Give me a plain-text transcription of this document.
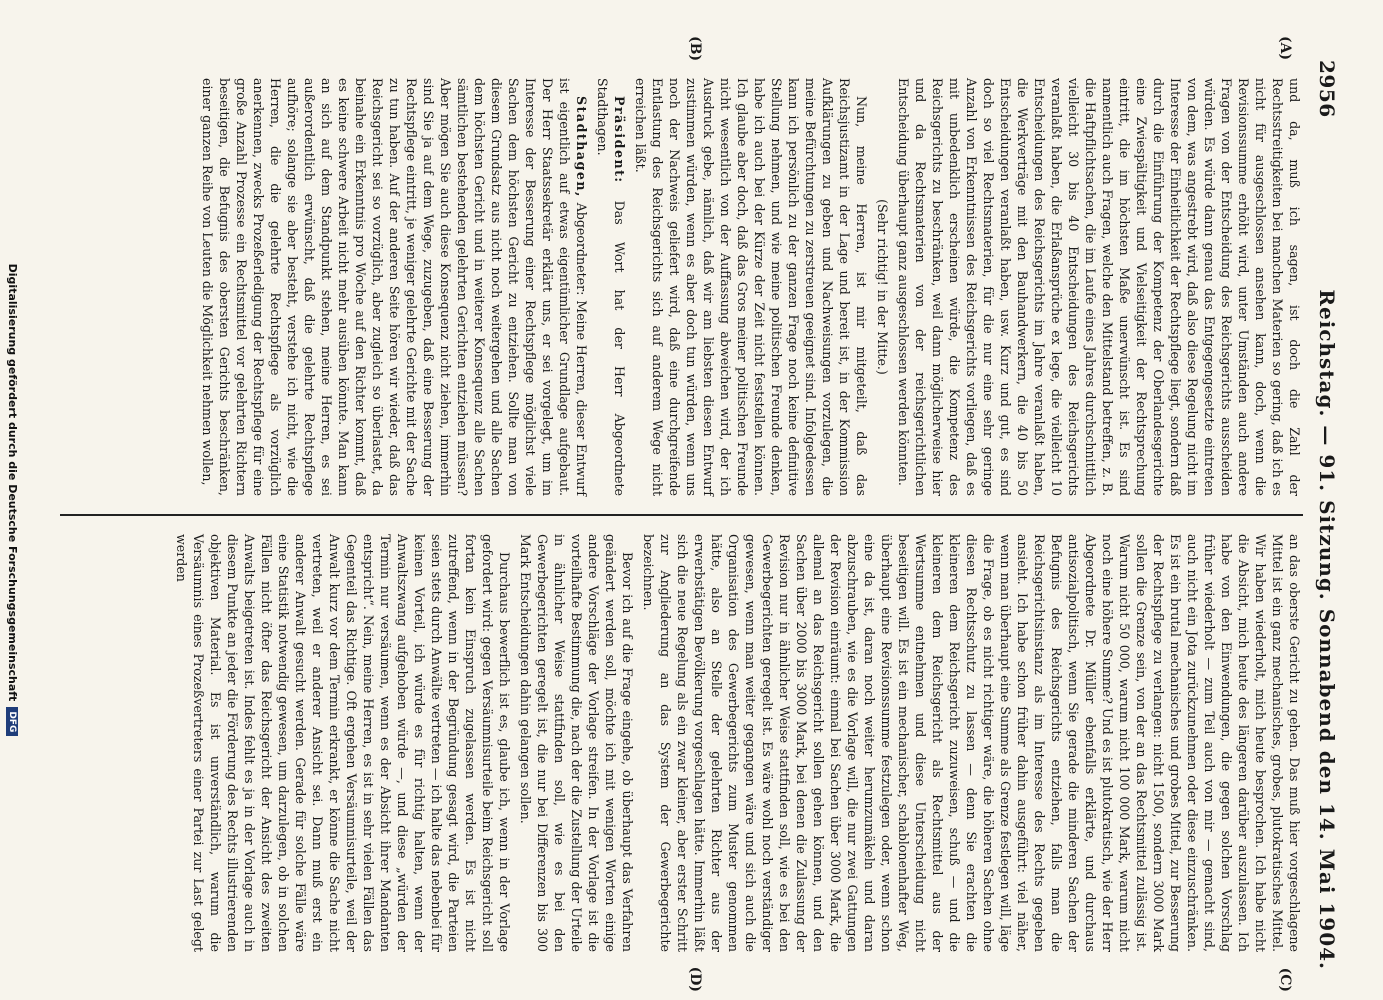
2956
Reichstag. — 91. Sitzung. Sonnabend den 14. Mai 1904.
(A)
(B)
(C)
(D)

und da, muß ich sagen, ist doch die Zahl der Rechtsstreitigkeiten bei manchen Materien so gering, daß ich es nicht für ausgeschlossen ansehen kann, doch, wenn die Revisionssumme erhöht wird, unter Umständen auch andere Fragen von der Entscheidung des Reichsgerichts ausscheiden würden. Es würde dann genau das Entgegengesetzte eintreten von dem, was angestrebt wird, daß also diese Regelung nicht im Interesse der Einheitlichkeit der Rechtspflege liegt, sondern daß durch die Einführung der Kompetenz der Oberlandesgerichte eine Zwiespältigkeit und Vielseitigkeit der Rechtsprechung eintritt, die im höchsten Maße unerwünscht ist. Es sind namentlich auch Fragen, welche den Mittelstand betreffen, z. B. die Haftpflichtsachen, die im Laufe eines Jahres durchschnittlich vielleicht 30 bis 40 Entscheidungen des Reichsgerichts veranlaßt haben, die Erlaßansprüche ex lege, die vielleicht 10 Entscheidungen des Reichsgerichts im Jahre veranlaßt haben, die Werkverträge mit den Bauhandwerkern, die 40 bis 50 Entscheidungen veranlaßt haben, usw. Kurz und gut, es sind doch so viel Rechtsmaterien, für die nur eine sehr geringe Anzahl von Erkenntnissen des Reichsgerichts vorliegen, daß es mit unbedenklich erscheinen würde, die Kompetenz des Reichsgerichts zu beschränken, weil dann möglicherweise hier und da Rechtsmaterien von der reichsgerichtlichen Entscheidung überhaupt ganz ausgeschlossen werden könnten.

(Sehr richtig! in der Mitte.)

Nun, meine Herren, ist mir mitgeteilt, daß das Reichsjustizamt in der Lage und bereit ist, in der Kommission Aufklärungen zu geben und Nachweisungen vorzulegen, die meine Befürchtungen zu zerstreuen geeignet sind. Infolgedessen kann ich persönlich zu der ganzen Frage noch keine definitive Stellung nehmen, und wie meine politischen Freunde denken, habe ich auch bei der Kürze der Zeit nicht feststellen können. Ich glaube aber doch, daß das Gros meiner politischen Freunde nicht wesentlich von der Auffassung abweichen wird, der ich Ausdruck gebe, nämlich, daß wir am liebsten diesen Entwurf zustimmen würden, wenn es aber doch tun würden, wenn uns noch der Nachweis geliefert wird, daß eine durchgreifende Entlastung des Reichsgerichts sich auf anderem Wege nicht erreichen läßt.

Präsident: Das Wort hat der Herr Abgeordnete Stadthagen.

Stadthagen, Abgeordneter: Meine Herren, dieser Entwurf ist eigentlich auf etwas eigentümlicher Grundlage aufgebaut. Der Herr Staatssekretär erklärt uns, er sei vorgelegt, um im Interesse der Besserung einer Rechtspflege möglichst viele Sachen dem höchsten Gericht zu entziehen. Sollte man von diesem Grundsatz aus nicht noch weitergehen und alle Sachen dem höchsten Gericht und in weiterer Konsequenz alle Sachen sämtlichen bestehenden gelehrten Gerichten entziehen müssen? Aber mögen Sie auch diese Konsequenz nicht ziehen, immerhin sind Sie ja auf dem Wege, zuzugeben, daß eine Besserung der Rechtspflege eintritt, je weniger gelehrte Gerichte mit der Sache zu tun haben. Auf der anderen Seite hören wir wieder, daß das Reichsgericht sei so vorzüglich, aber zugleich so überlastet, da beinahe ein Erkenntnis pro Woche auf den Richter kommt, daß es keine schwere Arbeit nicht mehr ausüben könnte. Man kann an sich auf dem Standpunkt stehen, meine Herren, es sei außerordentlich erwünscht, daß die gelehrte Rechtspflege aufhöre; solange sie aber besteht, verstehe ich nicht, wie die Herren, die die gelehrte Rechtspflege als vorzüglich anerkennen, zwecks Prozeßerledigung der Rechtspflege für eine große Anzahl Prozesse ein Rechtsmittel vor gelehrten Richtern beseitigen, die Befugnis des obersten Gerichts beschränken, einer ganzen Reihe von Leuten die Möglichkeit nehmen wollen,

an das oberste Gericht zu gehen. Das muß hier vorgeschlagene Mittel ist ein ganz mechanisches, grobes, plutokratisches Mittel. Wir haben wiederholt, mich heute besprochen. Ich habe nicht die Absicht, mich heute des längeren darüber auszulassen. Ich habe von den Einwendungen, die gegen solchen Vorschlag früher wiederholt — zum Teil auch von mir — gemacht sind, auch nicht ein Jota zurückzunehmen oder diese einzuschränken. Es ist ein brutal mechanisches und grobes Mittel, zur Besserung der Rechtspflege zu verlangen: nicht 1500, sondern 3000 Mark sollen die Grenze sein, von der an das Rechtsmittel zulässig ist. Warum nicht 50 000, warum nicht 100 000 Mark, warum nicht noch eine höhere Summe? Und es ist plutokratisch, wie der Herr Abgeordnete Dr. Müller ebenfalls erklärte, und durchaus antisozialpolitisch, wenn Sie gerade die minderen Sachen der Befugnis des Reichsgerichts entziehen, falls man die Reichsgerichtsinstanz als im Interesse des Rechts gegeben ansieht. Ich habe schon früher dahin ausgeführt: viel näher, wenn man überhaupt eine Summe als Grenze festlegen will, läge die Frage, ob es nicht richtiger wäre, die höheren Sachen ohne diesen Rechtsschutz zu lassen — denn Sie erachten die kleineren dem Reichsgericht zuzuweisen, schuß — und die kleineren dem Reichsgericht als Rechtsmittel aus der Wertsumme entnehmen und diese Unterscheidung nicht beseitigen will. Es ist ein mechanischer, schablonenhafter Weg, überhaupt eine Revisionssumme festzulegen oder, wenn schon eine da ist, daran noch weiter herumzumäkeln und daran abzuschrauben, wie es die Vorlage will, die nur zwei Gattungen der Revision einräumt: einmal bei Sachen über 3000 Mark, die allemal an das Reichsgericht sollen gehen können, und den Sachen über 2000 bis 3000 Mark, bei denen die Zulassung der Revision nur in ähnlicher Weise stattfinden soll, wie es bei den Gewerbegerichten geregelt ist. Es wäre wohl noch verständiger gewesen, wenn man weiter gegangen wäre und sich auch die Organisation des Gewerbegerichts zum Muster genommen hätte, also an Stelle der gelehrten Richter aus der erwerbstätigen Bevölkerung vorgeschlagen hätte. Immerhin läßt sich die neue Regelung als ein zwar kleiner, aber erster Schritt zur Angliederung an das System der Gewerbegerichte bezeichnen.

Bevor ich auf die Frage eingehe, ob überhaupt das Verfahren geändert werden soll, möchte ich mit wenigen Worten einige andere Vorschläge der Vorlage streifen. In der Vorlage ist die vorteilhafte Bestimmung die, nach der die Zustellung der Urteile in ähnlicher Weise stattfinden soll, wie es bei den Gewerbegerichten geregelt ist, die nur bei Differenzen bis 300 Mark Entscheidungen dahin gelangen sollen.

Durchaus bewerflich ist es, glaube ich, wenn in der Vorlage gefordert wird: gegen Versäumnisurteile beim Reichsgericht soll fortan kein Einspruch zugelassen werden. Es ist nicht zutreffend, wenn in der Begründung gesagt wird, die Parteien seien stets durch Anwälte vertreten — ich halte das nebenbei für keinen Vorteil, ich würde es für richtig halten, wenn der Anwaltszwang aufgehoben würde —, und diese „würden der Termin nur versäumen, wenn es der Absicht ihrer Mandanten entspricht“. Nein, meine Herren, es ist in sehr vielen Fällen das Gegenteil das Richtige. Oft ergehen Versäumnisurteile, weil der Anwalt kurz vor dem Termin erkrankt, er könne die Sache nicht vertreten, weil er anderer Ansicht sei. Dann muß erst ein anderer Anwalt gesucht werden. Gerade für solche Fälle wäre eine Statistik notwendig gewesen, um darzulegen, ob in solchen Fällen nicht öfter das Reichsgericht der Ansicht des zweiten Anwalts beigetreten ist. Indes fehlt es ja in der Vorlage auch in diesem Punkte an jeder die Förderung des Rechts illustrierenden objektiven Material. Es ist unverständlich, warum die Versäumnis eines Prozeßvertreters einer Partei zur Last gelegt werden

Digitalisierung gefördert durch die Deutsche ForschungsgemeinschaftDFG
